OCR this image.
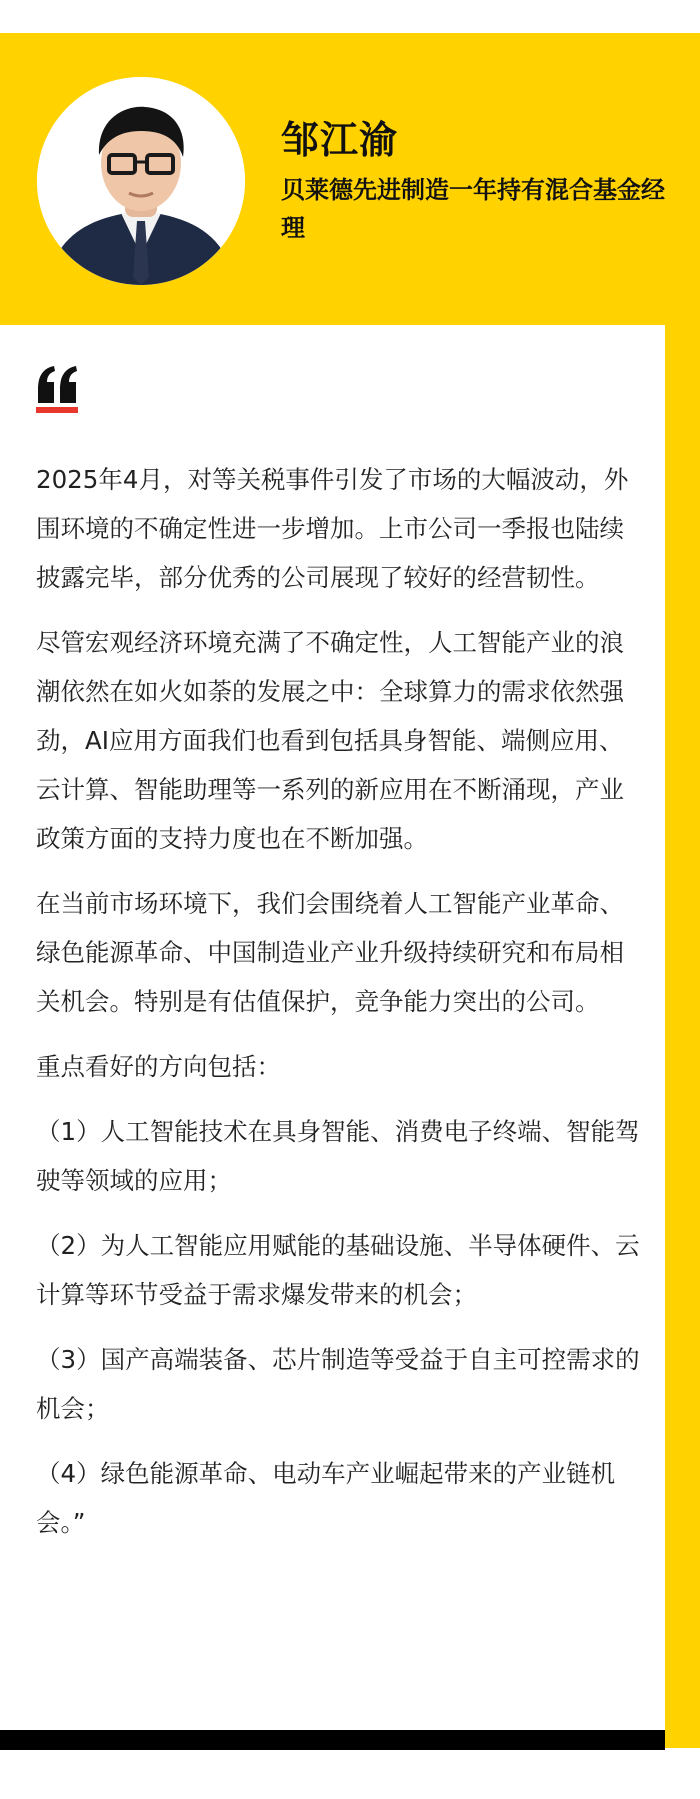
邹江渝
贝莱德先进制造一年持有混合基金经理

2025年4月，对等关税事件引发了市场的大幅波动，外围环境的不确定性进一步增加。上市公司一季报也陆续披露完毕，部分优秀的公司展现了较好的经营韧性。

尽管宏观经济环境充满了不确定性，人工智能产业的浪潮依然在如火如荼的发展之中：全球算力的需求依然强劲，AI应用方面我们也看到包括具身智能、端侧应用、云计算、智能助理等一系列的新应用在不断涌现，产业政策方面的支持力度也在不断加强。

在当前市场环境下，我们会围绕着人工智能产业革命、绿色能源革命、中国制造业产业升级持续研究和布局相关机会。特别是有估值保护，竞争能力突出的公司。

重点看好的方向包括：

（1）人工智能技术在具身智能、消费电子终端、智能驾驶等领域的应用；

（2）为人工智能应用赋能的基础设施、半导体硬件、云计算等环节受益于需求爆发带来的机会；

（3）国产高端装备、芯片制造等受益于自主可控需求的机会；

（4）绿色能源革命、电动车产业崛起带来的产业链机会。”
